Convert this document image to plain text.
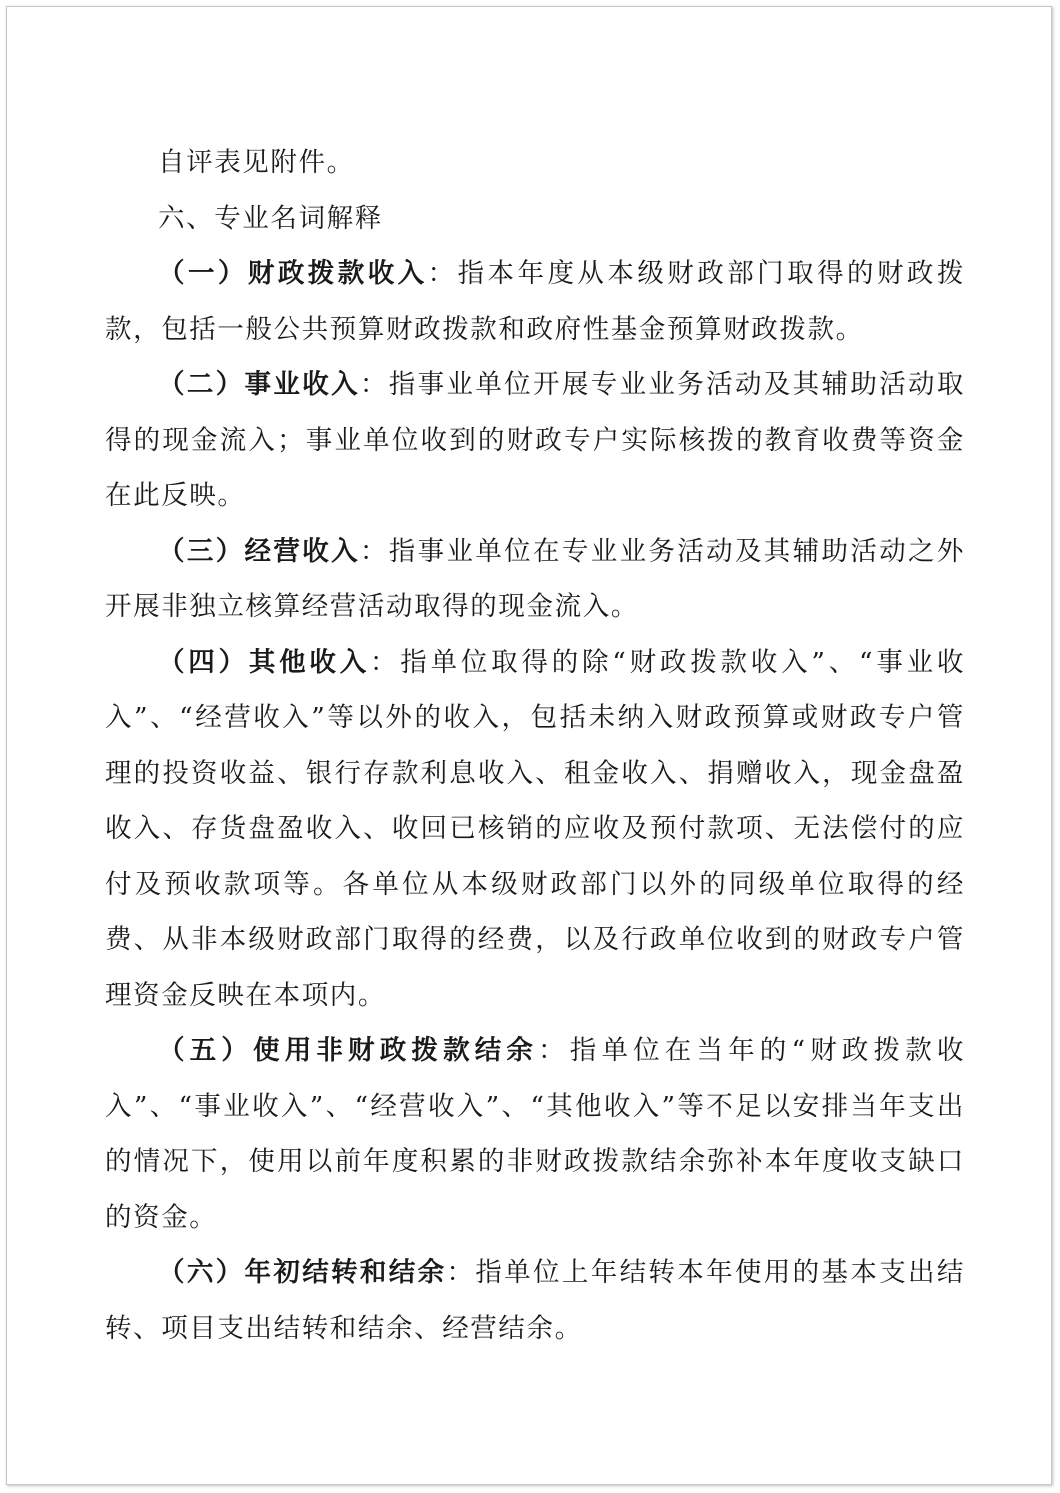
自评表见附件。

六、专业名词解释

（一）财政拨款收入：指本年度从本级财政部门取得的财政拨款，包括一般公共预算财政拨款和政府性基金预算财政拨款。

（二）事业收入：指事业单位开展专业业务活动及其辅助活动取得的现金流入；事业单位收到的财政专户实际核拨的教育收费等资金在此反映。

（三）经营收入：指事业单位在专业业务活动及其辅助活动之外开展非独立核算经营活动取得的现金流入。

（四）其他收入：指单位取得的除“财政拨款收入”、“事业收入”、“经营收入”等以外的收入，包括未纳入财政预算或财政专户管理的投资收益、银行存款利息收入、租金收入、捐赠收入，现金盘盈收入、存货盘盈收入、收回已核销的应收及预付款项、无法偿付的应付及预收款项等。各单位从本级财政部门以外的同级单位取得的经费、从非本级财政部门取得的经费，以及行政单位收到的财政专户管理资金反映在本项内。

（五）使用非财政拨款结余：指单位在当年的“财政拨款收入”、“事业收入”、“经营收入”、“其他收入”等不足以安排当年支出的情况下，使用以前年度积累的非财政拨款结余弥补本年度收支缺口的资金。

（六）年初结转和结余：指单位上年结转本年使用的基本支出结转、项目支出结转和结余、经营结余。
